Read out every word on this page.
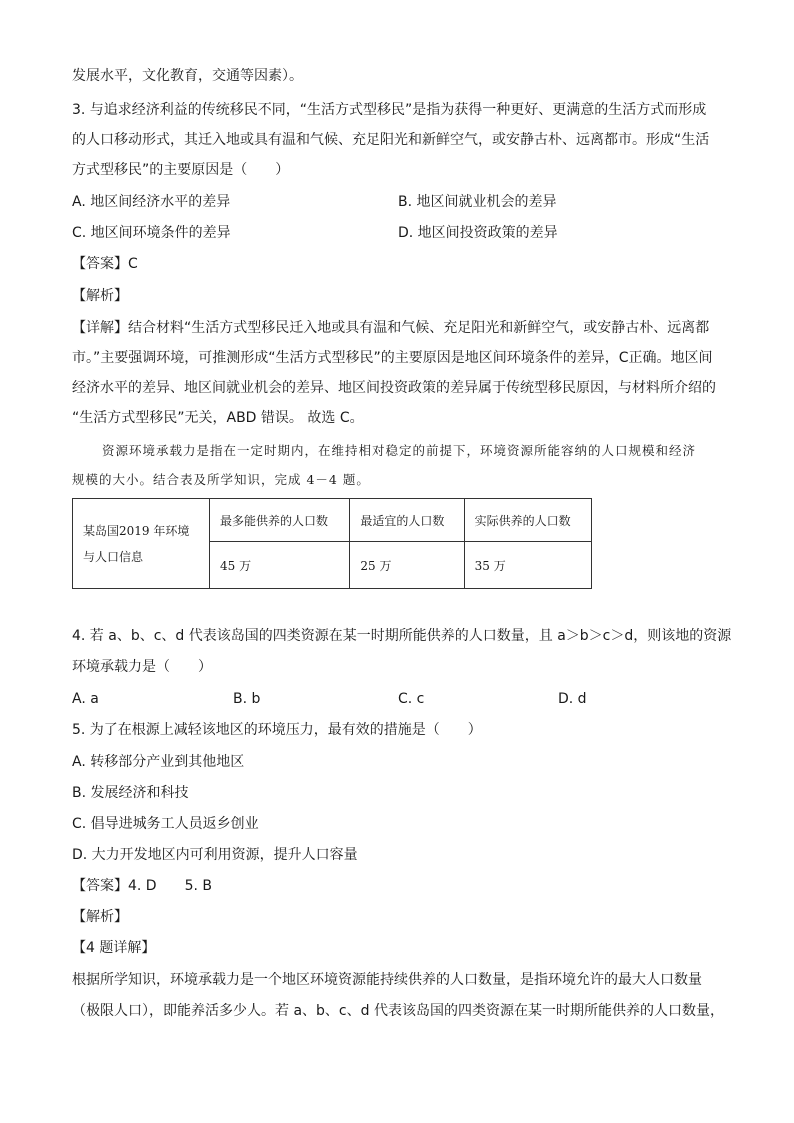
发展水平，文化教育，交通等因素）。
3. 与追求经济利益的传统移民不同，“生活方式型移民”是指为获得一种更好、更满意的生活方式而形成
的人口移动形式，其迁入地或具有温和气候、充足阳光和新鲜空气，或安静古朴、远离都市。形成“生活
方式型移民”的主要原因是（　　）
A. 地区间经济水平的差异	B. 地区间就业机会的差异
C. 地区间环境条件的差异	D. 地区间投资政策的差异
【答案】C
【解析】
【详解】结合材料“生活方式型移民迁入地或具有温和气候、充足阳光和新鲜空气，或安静古朴、远离都
市。”主要强调环境，可推测形成“生活方式型移民”的主要原因是地区间环境条件的差异，C正确。地区间
经济水平的差异、地区间就业机会的差异、地区间投资政策的差异属于传统型移民原因，与材料所介绍的
“生活方式型移民”无关，ABD 错误。 故选 C。
资源环境承载力是指在一定时期内，在维持相对稳定的前提下，环境资源所能容纳的人口规模和经济
规模的大小。结合表及所学知识，完成 4－4 题。
某岛国2019 年环境
与人口信息	最多能供养的人口数	最适宜的人口数	实际供养的人口数
	45 万	25 万	35 万
4. 若 a、b、c、d 代表该岛国的四类资源在某一时期所能供养的人口数量，且 a＞b＞c＞d，则该地的资源
环境承载力是（　　）
A. a	B. b	C. c	D. d
5. 为了在根源上减轻该地区的环境压力，最有效的措施是（　　）
A. 转移部分产业到其他地区
B. 发展经济和科技
C. 倡导进城务工人员返乡创业
D. 大力开发地区内可利用资源，提升人口容量
【答案】4. D　　5. B
【解析】
【4 题详解】
根据所学知识，环境承载力是一个地区环境资源能持续供养的人口数量，是指环境允许的最大人口数量
（极限人口），即能养活多少人。若 a、b、c、d 代表该岛国的四类资源在某一时期所能供养的人口数量，
